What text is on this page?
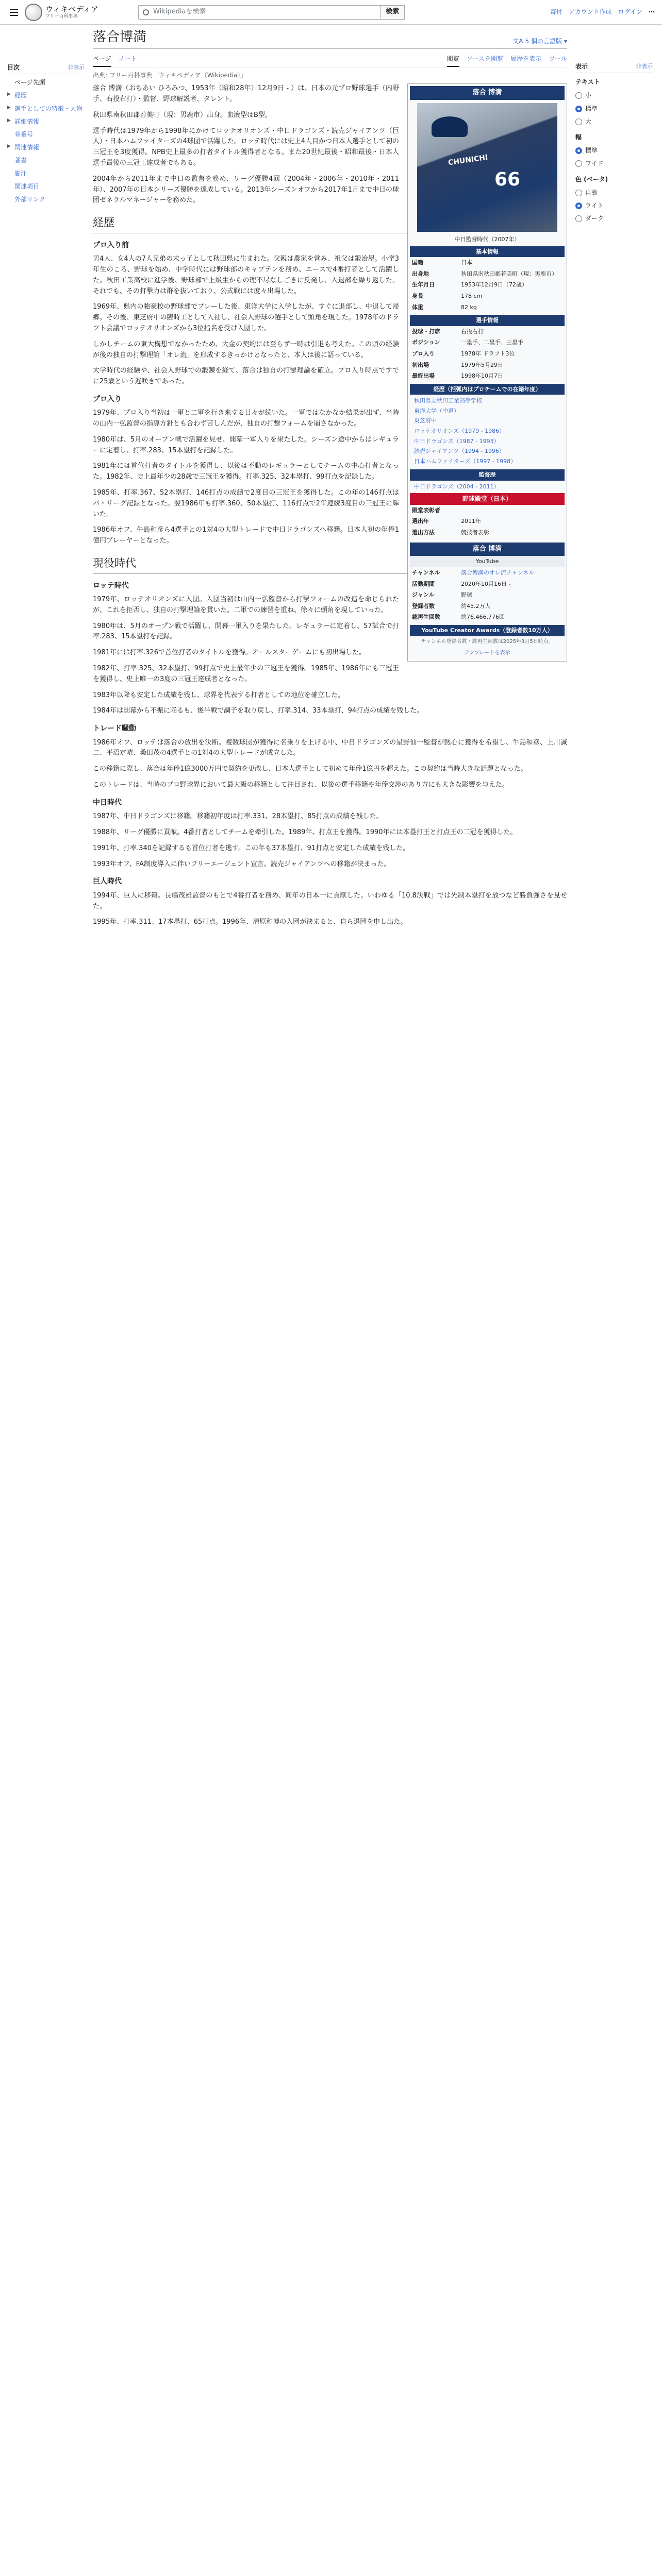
ウィキペディア
フリー百科事典
Wikipediaを検索	検索	寄付 アカウント作成 ログイン ⋯
目次	非表示
ページ先頭
▶ 経歴
▶ 選手としての特徴・人物
▶ 詳細情報
背番号
▶ 関連情報
著書
脚注
関連項目
外部リンク
落合博満	文A 5 個の言語版 ▾
ページ ノート	閲覧 ソースを閲覧 履歴を表示 ツール
出典: フリー百科事典『ウィキペディア（Wikipedia）』
落合 博満
CHUNICHI
66
中日監督時代（2007年）
基本情報
国籍	日本
出身地	秋田県南秋田郡若美町（現：男鹿市）
生年月日	1953年12月9日（72歳）
身長	178 cm
体重	82 kg
選手情報
投球・打席	右投右打
ポジション	一塁手、二塁手、三塁手
プロ入り	1978年 ドラフト3位
初出場	1979年5月29日
最終出場	1998年10月7日
経歴（括弧内はプロチームでの在籍年度）
秋田県立秋田工業高等学校
東洋大学（中退）
東芝府中
ロッテオリオンズ（1979 - 1986）
中日ドラゴンズ（1987 - 1993）
読売ジャイアンツ（1994 - 1996）
日本ハムファイターズ（1997 - 1998）
監督歴
中日ドラゴンズ（2004 - 2011）
野球殿堂（日本）
殿堂表彰者
選出年	2011年
選出方法	競技者表彰
落合 博満
YouTube
チャンネル	落合博満のオレ流チャンネル
活動期間	2020年10月16日 -
ジャンル	野球
登録者数	約45.2万人
総再生回数	約76,466,776回
YouTube Creator Awards（登録者数10万人）
チャンネル登録者数・総再生回数は2025年3月5日時点。
テンプレートを表示

落合 博満（おちあい ひろみつ、1953年（昭和28年）12月9日 - ）は、日本の元プロ野球選手（内野手、右投右打）・監督、野球解説者、タレント。

秋田県南秋田郡若美町（現：男鹿市）出身。血液型はB型。

選手時代は1979年から1998年にかけてロッテオリオンズ・中日ドラゴンズ・読売ジャイアンツ（巨人）・日本ハムファイターズの4球団で活躍した。ロッテ時代には史上4人目かつ日本人選手として初の三冠王を3度獲得。NPB史上最多の打者タイトル獲得者となる。また20世紀最後・昭和最後・日本人選手最後の三冠王達成者でもある。

2004年から2011年まで中日の監督を務め、リーグ優勝4回（2004年・2006年・2010年・2011年）、2007年の日本シリーズ優勝を達成している。2013年シーズンオフから2017年1月まで中日の球団ゼネラルマネージャーを務めた。

経歴
プロ入り前

男4人、女4人の7人兄弟の末っ子として秋田県に生まれた。父親は農家を営み、祖父は鍛冶屋。小学3年生のころ、野球を始め、中学時代には野球部のキャプテンを務め、エースで4番打者として活躍した。秋田工業高校に進学後、野球部で上級生からの理不尽なしごきに反発し、入退部を繰り返した。それでも、その打撃力は群を抜いており、公式戦には度々出場した。

1969年、県内の強豪校の野球部でプレーした後、東洋大学に入学したが、すぐに退部し、中退して帰郷。その後、東芝府中の臨時工として入社し、社会人野球の選手として頭角を現した。1978年のドラフト会議でロッテオリオンズから3位指名を受け入団した。

しかしチームの東大構想でなかったため、大金の契約には至らず一時は引退も考えた。この頃の経験が後の独自の打撃理論「オレ流」を形成するきっかけとなったと、本人は後に語っている。

大学時代の経験や、社会人野球での鍛錬を経て、落合は独自の打撃理論を確立。プロ入り時点ですでに25歳という遅咲きであった。

プロ入り

1979年、プロ入り当初は一軍と二軍を行き来する日々が続いた。一軍ではなかなか結果が出ず、当時の山内一弘監督の指導方針とも合わず苦しんだが、独自の打撃フォームを崩さなかった。

1980年は、5月のオープン戦で活躍を見せ、開幕一軍入りを果たした。シーズン途中からはレギュラーに定着し、打率.283、15本塁打を記録した。

1981年には首位打者のタイトルを獲得し、以後は不動のレギュラーとしてチームの中心打者となった。1982年、史上最年少の28歳で三冠王を獲得。打率.325、32本塁打、99打点を記録した。

1985年、打率.367、52本塁打、146打点の成績で2度目の三冠王を獲得した。この年の146打点はパ・リーグ記録となった。翌1986年も打率.360、50本塁打、116打点で2年連続3度目の三冠王に輝いた。

1986年オフ、牛島和彦ら4選手との1対4の大型トレードで中日ドラゴンズへ移籍。日本人初の年俸1億円プレーヤーとなった。

現役時代
ロッテ時代

1979年、ロッテオリオンズに入団。入団当初は山内一弘監督から打撃フォームの改造を命じられたが、これを拒否し、独自の打撃理論を貫いた。二軍での練習を重ね、徐々に頭角を現していった。

1980年は、5月のオープン戦で活躍し、開幕一軍入りを果たした。レギュラーに定着し、57試合で打率.283、15本塁打を記録。

1981年には打率.326で首位打者のタイトルを獲得。オールスターゲームにも初出場した。

1982年、打率.325、32本塁打、99打点で史上最年少の三冠王を獲得。1985年、1986年にも三冠王を獲得し、史上唯一の3度の三冠王達成者となった。

1983年以降も安定した成績を残し、球界を代表する打者としての地位を確立した。

1984年は開幕から不振に陥るも、後半戦で調子を取り戻し、打率.314、33本塁打、94打点の成績を残した。

トレード騒動

1986年オフ、ロッテは落合の放出を決断。複数球団が獲得に名乗りを上げる中、中日ドラゴンズの星野仙一監督が熱心に獲得を希望し、牛島和彦、上川誠二、平沼定晴、桑田茂の4選手との1対4の大型トレードが成立した。

この移籍に際し、落合は年俸1億3000万円で契約を更改し、日本人選手として初めて年俸1億円を超えた。この契約は当時大きな話題となった。

このトレードは、当時のプロ野球界において最大級の移籍として注目され、以後の選手移籍や年俸交渉のあり方にも大きな影響を与えた。

中日時代

1987年、中日ドラゴンズに移籍。移籍初年度は打率.331、28本塁打、85打点の成績を残した。

1988年、リーグ優勝に貢献。4番打者としてチームを牽引した。1989年、打点王を獲得。1990年には本塁打王と打点王の二冠を獲得した。

1991年、打率.340を記録するも首位打者を逃す。この年も37本塁打、91打点と安定した成績を残した。

1993年オフ、FA制度導入に伴いフリーエージェント宣言。読売ジャイアンツへの移籍が決まった。

巨人時代

1994年、巨人に移籍。長嶋茂雄監督のもとで4番打者を務め、同年の日本一に貢献した。いわゆる「10.8決戦」では先制本塁打を放つなど勝負強さを見せた。

1995年、打率.311、17本塁打、65打点。1996年、清原和博の入団が決まると、自ら退団を申し出た。

表示	非表示
テキスト
小
標準
大
幅
標準
ワイド
色 (ベータ)
自動
ライト
ダーク
